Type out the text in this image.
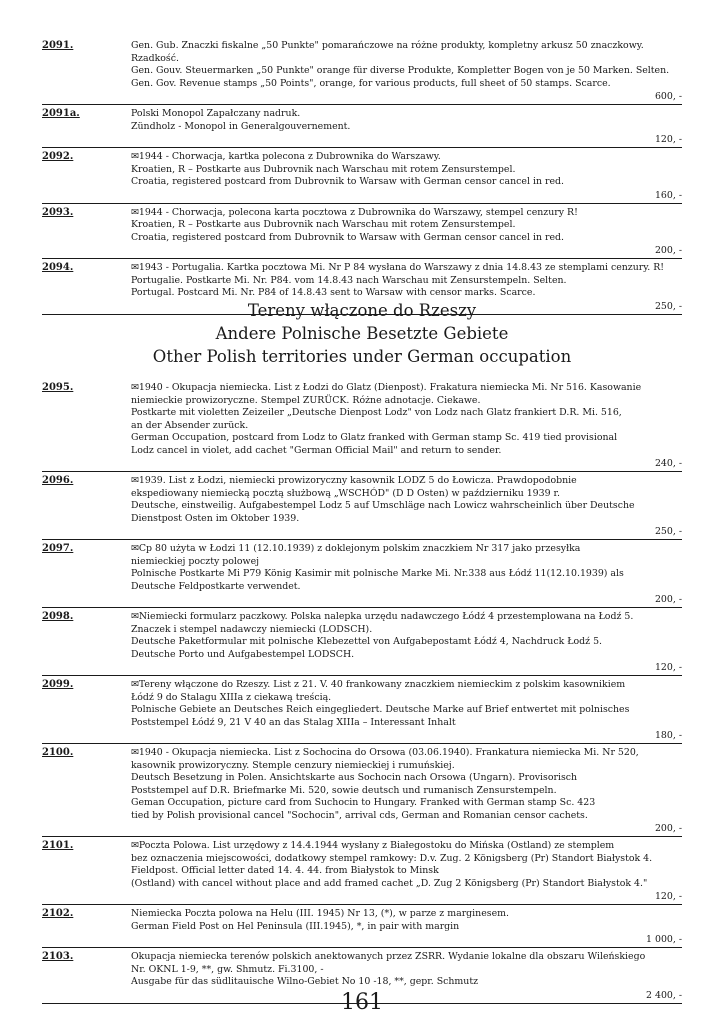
2091.	Gen. Gub. Znaczki fiskalne „50 Punkte" pomarańczowe na różne produkty, kompletny arkusz 50 znaczkowy.
Rzadkość.
Gen. Gouv. Steuermarken „50 Punkte" orange für diverse Produkte, Kompletter Bogen von je 50 Marken. Selten.
Gen. Gov. Revenue stamps „50 Points", orange, for various products, full sheet of 50 stamps. Scarce.
600, -
2091a.	Polski Monopol Zapałczany nadruk.
Zündholz - Monopol in Generalgouvernement.
120, -
2092.	✉1944 - Chorwacja, kartka polecona z Dubrownika do Warszawy.
Kroatien, R – Postkarte aus Dubrovnik nach Warschau mit rotem Zensurstempel.
Croatia, registered postcard from Dubrovnik to Warsaw with German censor cancel in red.
160, -
2093.	✉1944 - Chorwacja, polecona karta pocztowa z Dubrownika do Warszawy, stempel cenzury R!
Kroatien, R – Postkarte aus Dubrovnik nach Warschau mit rotem Zensurstempel.
Croatia, registered postcard from Dubrovnik to Warsaw with German censor cancel in red.
200, -
2094.	✉1943 - Portugalia. Kartka pocztowa Mi. Nr P 84 wysłana do Warszawy z dnia 14.8.43 ze stemplami cenzury. R!
Portugalie. Postkarte Mi. Nr. P84. vom 14.8.43 nach Warschau mit Zensurstempeln. Selten.
Portugal. Postcard Mi. Nr. P84 of 14.8.43 sent to Warsaw with censor marks. Scarce.
250, -
Tereny włączone do Rzeszy
Andere Polnische Besetzte Gebiete
Other Polish territories under German occupation
2095.	✉1940 - Okupacja niemiecka. List z Łodzi do Glatz (Dienpost). Frakatura niemiecka Mi. Nr 516. Kasowanie
niemieckie prowizoryczne. Stempel ZURÜCK. Różne adnotacje. Ciekawe.
Postkarte mit violetten Zeizeiler „Deutsche Dienpost Lodz" von Lodz nach Glatz frankiert D.R. Mi. 516,
an der Absender zurück.
German Occupation, postcard from Lodz to Glatz franked with German stamp Sc. 419 tied provisional
Lodz cancel in violet, add cachet "German Official Mail" and return to sender.
240, -
2096.	✉1939. List z Łodzi, niemiecki prowizoryczny kasownik LODZ 5 do Łowicza. Prawdopodobnie
ekspediowany niemiecką pocztą służbową „WSCHÓD" (D D Osten) w październiku 1939 r.
Deutsche, einstweilig. Aufgabestempel Lodz 5 auf Umschläge nach Lowicz wahrscheinlich über Deutsche
Dienstpost Osten im Oktober 1939.
250, -
2097.	✉Cp 80 użyta w Łodzi 11 (12.10.1939) z doklejonym polskim znaczkiem Nr 317 jako przesyłka
niemieckiej poczty polowej
Polnische Postkarte Mi P79 König Kasimir mit polnische Marke Mi. Nr.338 aus Łódź 11(12.10.1939) als
Deutsche Feldpostkarte verwendet.
200, -
2098.	✉Niemiecki formularz paczkowy. Polska nalepka urzędu nadawczego Łódź 4 przestemplowana na Łodź 5.
Znaczek i stempel nadawczy niemiecki (LODSCH).
Deutsche Paketformular mit polnische Klebezettel von Aufgabepostamt Łódź 4, Nachdruck Łodź 5.
Deutsche Porto und Aufgabestempel LODSCH.
120, -
2099.	✉Tereny włączone do Rzeszy. List z 21. V. 40 frankowany znaczkiem niemieckim z polskim kasownikiem
Łódź 9 do Stalagu XIIIa z ciekawą treścią.
Polnische Gebiete an Deutsches Reich eingegliedert. Deutsche Marke auf Brief entwertet mit polnisches
Poststempel Łódź 9, 21 V 40 an das Stalag XIIIa – Interessant Inhalt
180, -
2100.	✉1940 - Okupacja niemiecka. List z Sochocina do Orsowa (03.06.1940). Frankatura niemiecka Mi. Nr 520,
kasownik prowizoryczny. Stemple cenzury niemieckiej i rumuńskiej.
Deutsch Besetzung in Polen. Ansichtskarte aus Sochocin nach Orsowa (Ungarn). Provisorisch
Poststempel auf D.R. Briefmarke Mi. 520, sowie deutsch und rumanisch Zensurstempeln.
Geman Occupation, picture card from Suchocin to Hungary. Franked with German stamp Sc. 423
tied by Polish provisional cancel "Sochocin", arrival cds, German and Romanian censor cachets.
200, -
2101.	✉Poczta Polowa. List urzędowy z 14.4.1944 wysłany z Białegostoku do Mińska (Ostland) ze stemplem
bez oznaczenia miejscowości, dodatkowy stempel ramkowy: D.v. Zug. 2 Königsberg (Pr) Standort Białystok 4.
Fieldpost. Official letter dated 14. 4. 44. from Białystok to Minsk
(Ostland) with cancel without place and add framed cachet „D. Zug 2 Königsberg (Pr) Standort Białystok 4."
120, -
2102.	Niemiecka Poczta polowa na Helu (III. 1945) Nr 13, (*), w parze z marginesem.
German Field Post on Hel Peninsula (III.1945), *, in pair with margin
1 000, -
2103.	Okupacja niemiecka terenów polskich anektowanych przez ZSRR. Wydanie lokalne dla obszaru Wileńskiego
Nr. OKNL 1-9, **, gw. Shmutz. Fi.3100, -
Ausgabe für das südlitauische Wilno-Gebiet No 10 -18, **, gepr. Schmutz
2 400, -
161
